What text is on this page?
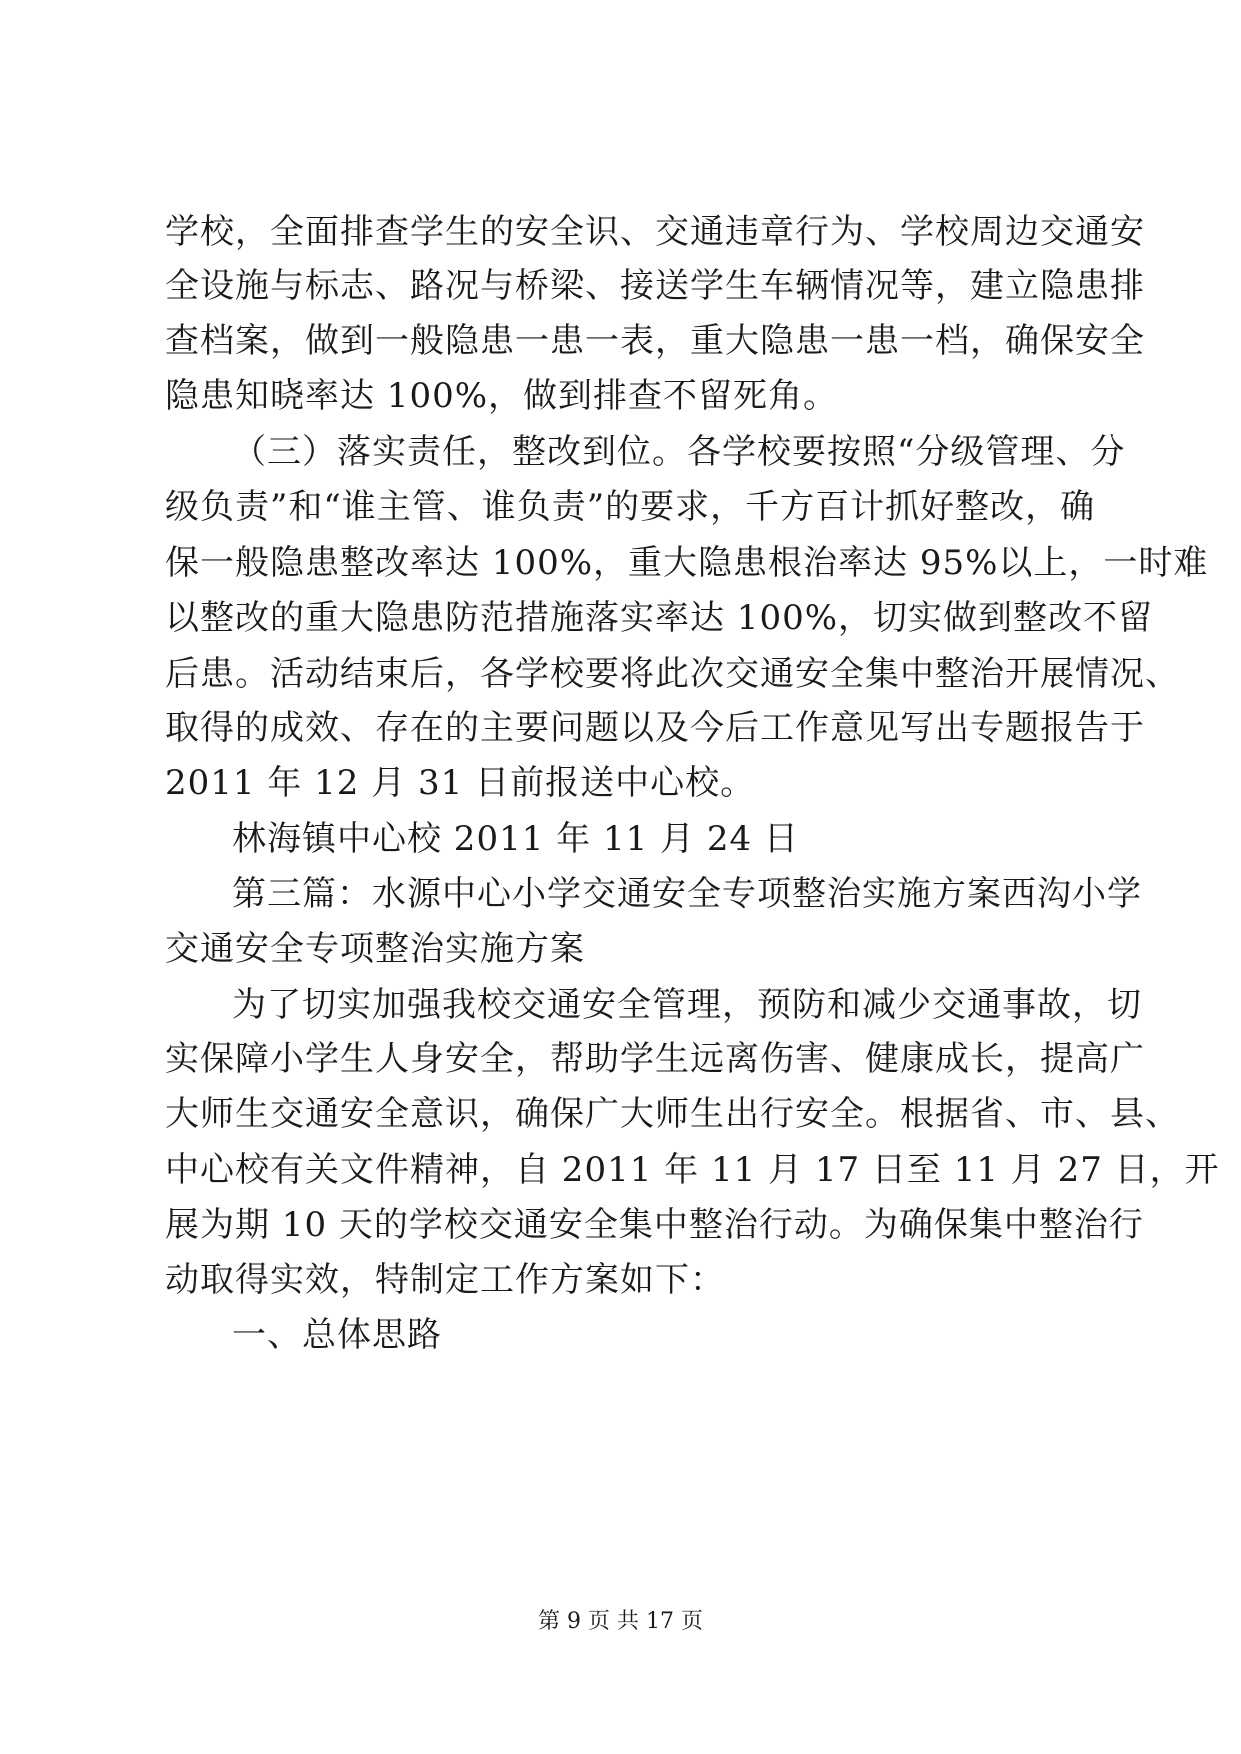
学校，全面排查学生的安全识、交通违章行为、学校周边交通安
全设施与标志、路况与桥梁、接送学生车辆情况等，建立隐患排
查档案，做到一般隐患一患一表，重大隐患一患一档，确保安全
隐患知晓率达 100%，做到排查不留死角。
（三）落实责任，整改到位。各学校要按照“分级管理、分
级负责”和“谁主管、谁负责”的要求，千方百计抓好整改，确
保一般隐患整改率达 100%，重大隐患根治率达 95%以上，一时难
以整改的重大隐患防范措施落实率达 100%，切实做到整改不留
后患。活动结束后，各学校要将此次交通安全集中整治开展情况、
取得的成效、存在的主要问题以及今后工作意见写出专题报告于
2011 年 12 月 31 日前报送中心校。
林海镇中心校 2011 年 11 月 24 日
第三篇：水源中心小学交通安全专项整治实施方案西沟小学
交通安全专项整治实施方案
为了切实加强我校交通安全管理，预防和减少交通事故，切
实保障小学生人身安全，帮助学生远离伤害、健康成长，提高广
大师生交通安全意识，确保广大师生出行安全。根据省、市、县、
中心校有关文件精神，自 2011 年 11 月 17 日至 11 月 27 日，开
展为期 10 天的学校交通安全集中整治行动。为确保集中整治行
动取得实效，特制定工作方案如下：
一、总体思路
第 9 页 共 17 页
